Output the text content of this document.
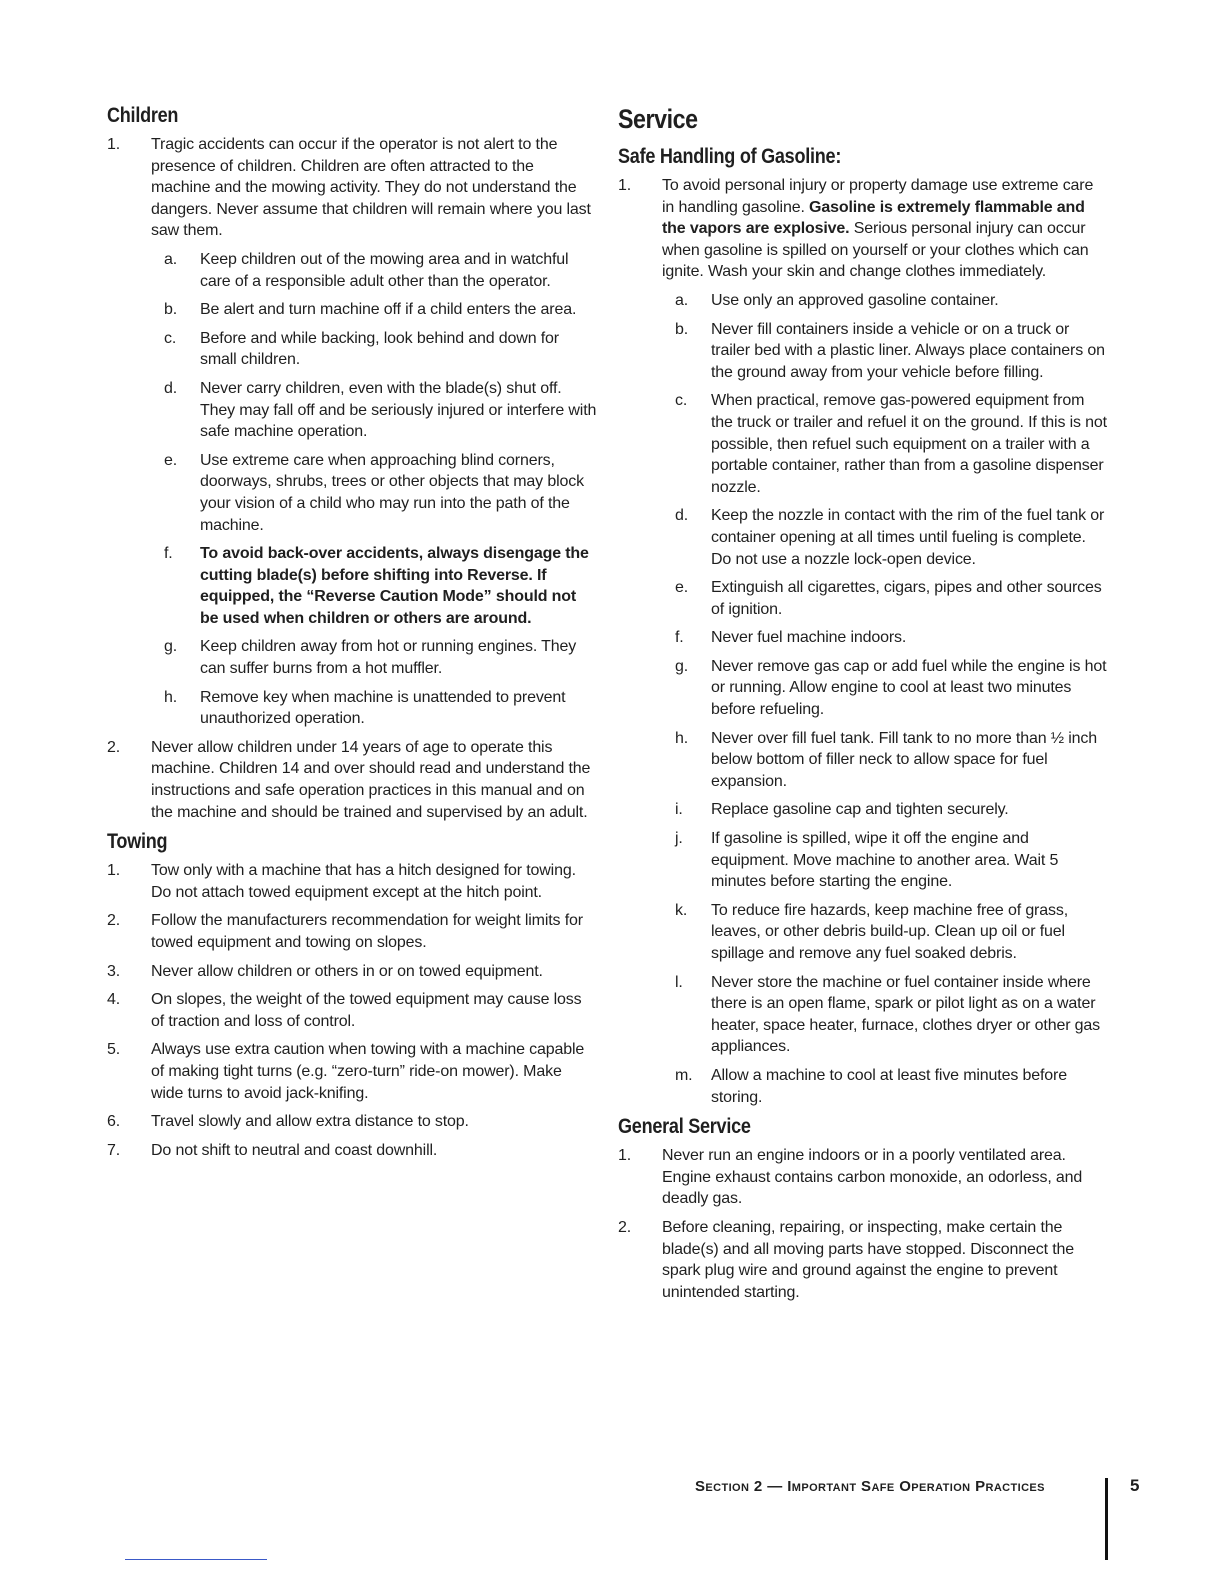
Children
1.	Tragic accidents can occur if the operator is not alert to the presence of children. Children are often attracted to the machine and the mowing activity. They do not understand the dangers. Never assume that children will remain where you last saw them.
a.	Keep children out of the mowing area and in watchful care of a responsible adult other than the operator.
b.	Be alert and turn machine off if a child enters the area.
c.	Before and while backing, look behind and down for small children.
d.	Never carry children, even with the blade(s) shut off. They may fall off and be seriously injured or interfere with safe machine operation.
e.	Use extreme care when approaching blind corners, doorways, shrubs, trees or other objects that may block your vision of a child who may run into the path of the machine.
f.	To avoid back-over accidents, always disengage the cutting blade(s) before shifting into Reverse. If equipped, the “Reverse Caution Mode” should not be used when children or others are around.
g.	Keep children away from hot or running engines. They can suffer burns from a hot muffler.
h.	Remove key when machine is unattended to prevent unauthorized operation.
2.	Never allow children under 14 years of age to operate this machine. Children 14 and over should read and understand the instructions and safe operation practices in this manual and on the machine and should be trained and supervised by an adult.
Towing
1.	Tow only with a machine that has a hitch designed for towing. Do not attach towed equipment except at the hitch point.
2.	Follow the manufacturers recommendation for weight limits for towed equipment and towing on slopes.
3.	Never allow children or others in or on towed equipment.
4.	On slopes, the weight of the towed equipment may cause loss of traction and loss of control.
5.	Always use extra caution when towing with a machine capable of making tight turns (e.g. “zero-turn” ride-on mower). Make wide turns to avoid jack-knifing.
6.	Travel slowly and allow extra distance to stop.
7.	Do not shift to neutral and coast downhill.
Service
Safe Handling of Gasoline:
1.	To avoid personal injury or property damage use extreme care in handling gasoline. Gasoline is extremely flammable and the vapors are explosive. Serious personal injury can occur when gasoline is spilled on yourself or your clothes which can ignite. Wash your skin and change clothes immediately.
a.	Use only an approved gasoline container.
b.	Never fill containers inside a vehicle or on a truck or trailer bed with a plastic liner. Always place containers on the ground away from your vehicle before filling.
c.	When practical, remove gas-powered equipment from the truck or trailer and refuel it on the ground. If this is not possible, then refuel such equipment on a trailer with a portable container, rather than from a gasoline dispenser nozzle.
d.	Keep the nozzle in contact with the rim of the fuel tank or container opening at all times until fueling is complete. Do not use a nozzle lock-open device.
e.	Extinguish all cigarettes, cigars, pipes and other sources of ignition.
f.	Never fuel machine indoors.
g.	Never remove gas cap or add fuel while the engine is hot or running. Allow engine to cool at least two minutes before refueling.
h.	Never over fill fuel tank. Fill tank to no more than ½ inch below bottom of filler neck to allow space for fuel expansion.
i.	Replace gasoline cap and tighten securely.
j.	If gasoline is spilled, wipe it off the engine and equipment. Move machine to another area. Wait 5 minutes before starting the engine.
k.	To reduce fire hazards, keep machine free of grass, leaves, or other debris build-up. Clean up oil or fuel spillage and remove any fuel soaked debris.
l.	Never store the machine or fuel container inside where there is an open flame, spark or pilot light as on a water heater, space heater, furnace, clothes dryer or other gas appliances.
m.	Allow a machine to cool at least five minutes before storing.
General Service
1.	Never run an engine indoors or in a poorly ventilated area. Engine exhaust contains carbon monoxide, an odorless, and deadly gas.
2.	Before cleaning, repairing, or inspecting, make certain the blade(s) and all moving parts have stopped. Disconnect the spark plug wire and ground against the engine to prevent unintended starting.
Section 2 — Important Safe Operation Practices	5
